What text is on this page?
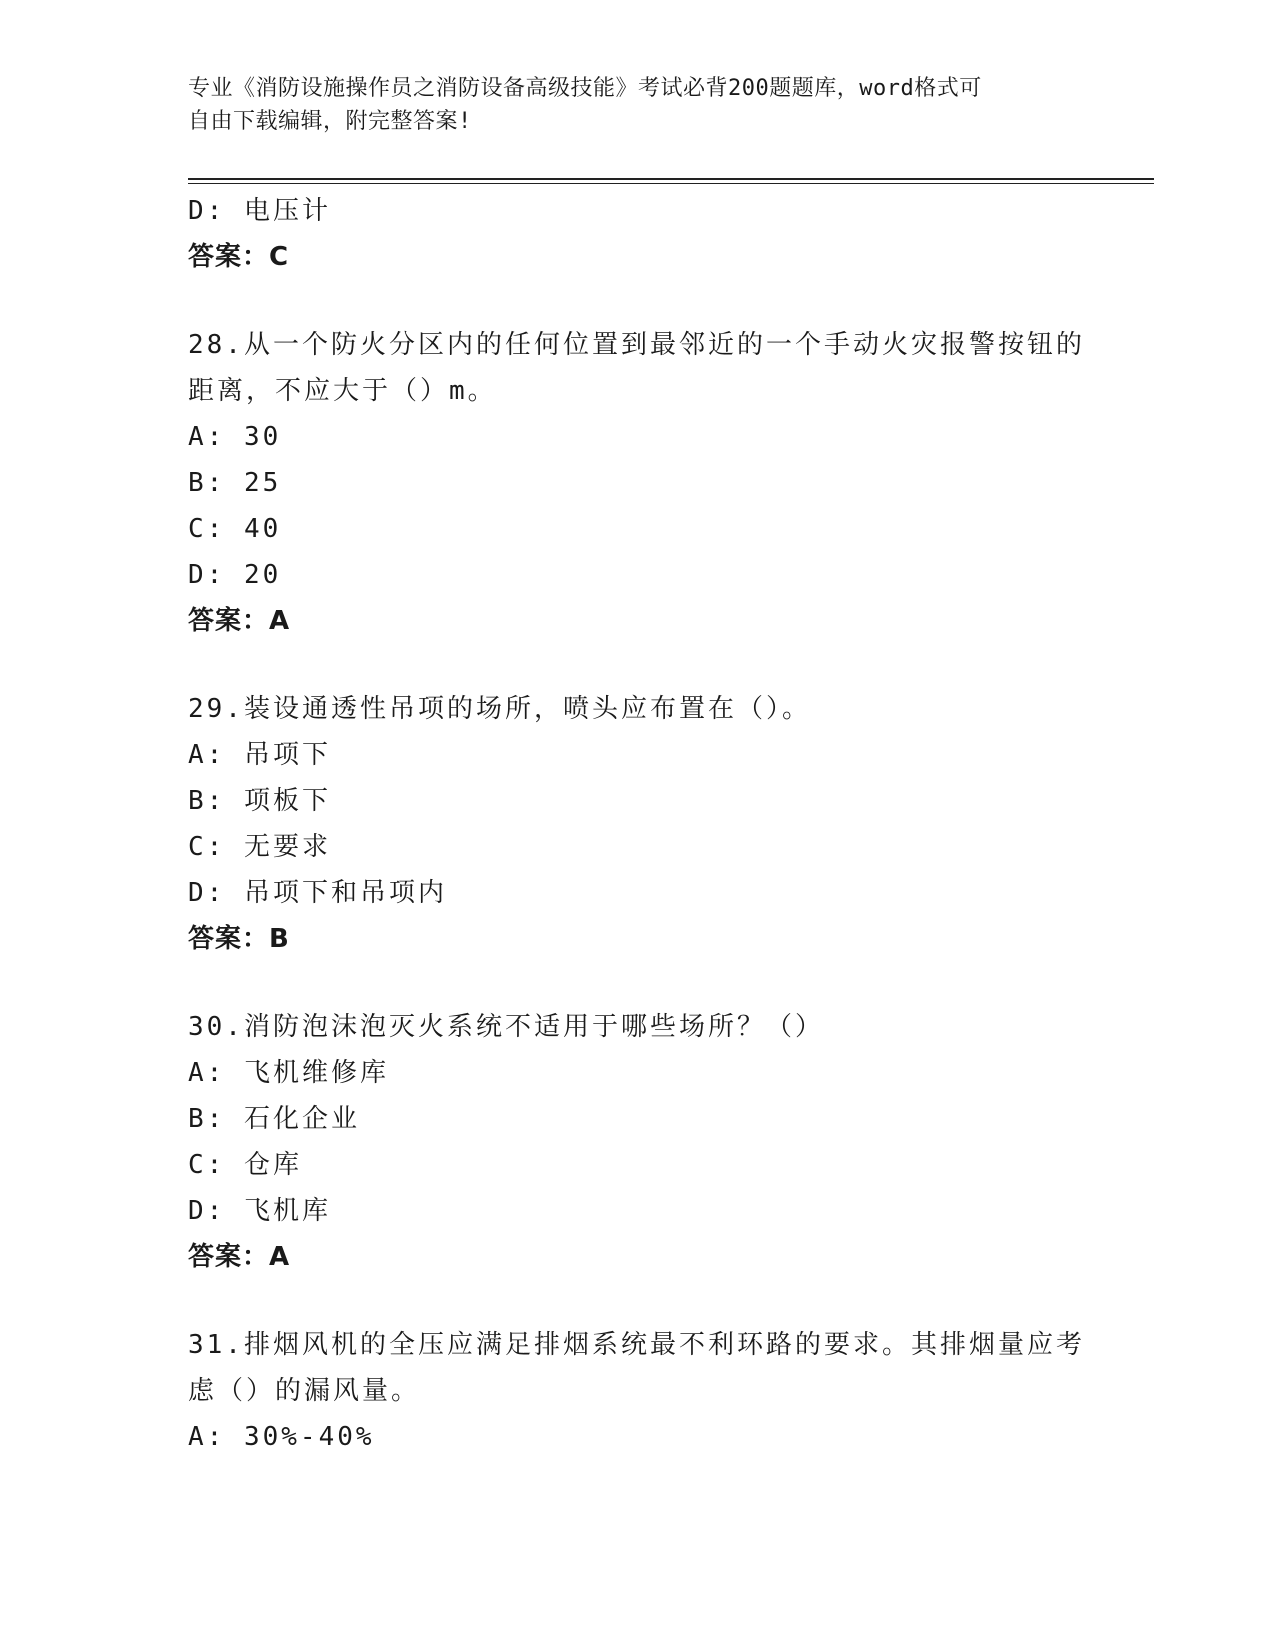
专业《消防设施操作员之消防设备高级技能》考试必背200题题库，word格式可
自由下载编辑，附完整答案!
D: 电压计
答案：C
28.从一个防火分区内的任何位置到最邻近的一个手动火灾报警按钮的
距离，不应大于（）m。
A: 30
B: 25
C: 40
D: 20
答案：A
29.装设通透性吊项的场所，喷头应布置在（）。
A: 吊项下
B: 项板下
C: 无要求
D: 吊项下和吊项内
答案：B
30.消防泡沫泡灭火系统不适用于哪些场所？（）
A: 飞机维修库
B: 石化企业
C: 仓库
D: 飞机库
答案：A
31.排烟风机的全压应满足排烟系统最不利环路的要求。其排烟量应考
虑（）的漏风量。
A: 30%-40%
